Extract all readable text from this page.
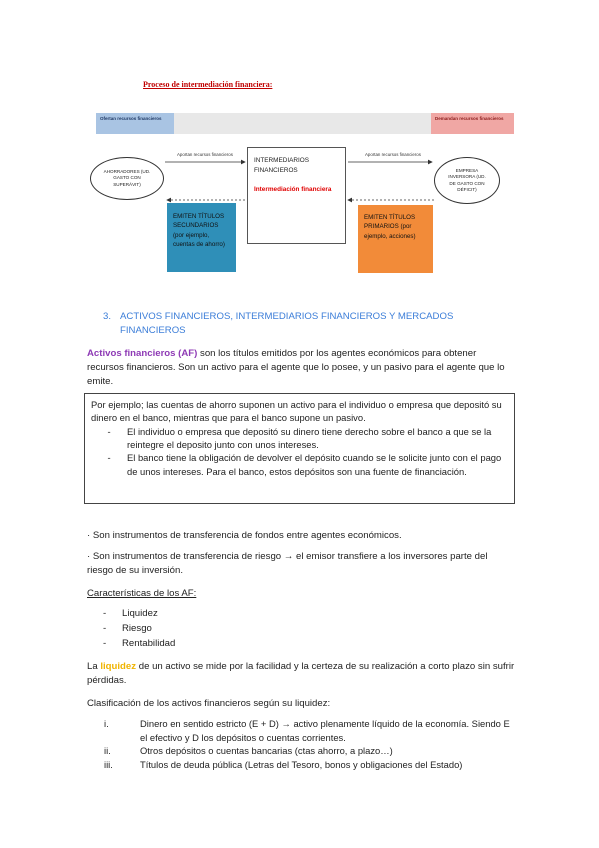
Proceso de intermediación financiera:
Ofertan recursos financieros	Demandan recursos financieros
AHORRADORES (UD. GASTO CON SUPERÁVIT)
EMPRESA INVERSORA (UD. DE GASTO CON DÉFICIT)
INTERMEDIARIOS
FINANCIEROS
Intermediación financiera
Aportan recursos financieros	Aportan recursos financieros
EMITEN TÍTULOS SECUNDARIOS (por ejemplo, cuentas de ahorro)
EMITEN TÍTULOS PRIMARIOS (por ejemplo, acciones)
3. ACTIVOS FINANCIEROS, INTERMEDIARIOS FINANCIEROS Y MERCADOS
FINANCIEROS
Activos financieros (AF) son los títulos emitidos por los agentes económicos para obtener recursos financieros. Son un activo para el agente que lo posee, y un pasivo para el agente que lo emite.
Por ejemplo; las cuentas de ahorro suponen un activo para el individuo o empresa que depositó su dinero en el banco, mientras que para el banco supone un pasivo.
-	El individuo o empresa que depositó su dinero tiene derecho sobre el banco a que se la reintegre el deposito junto con unos intereses.
-	El banco tiene la obligación de devolver el depósito cuando se le solicite junto con el pago de unos intereses. Para el banco, estos depósitos son una fuente de financiación.
· Son instrumentos de transferencia de fondos entre agentes económicos.
· Son instrumentos de transferencia de riesgo → el emisor transfiere a los inversores parte del riesgo de su inversión.
Características de los AF:
-	Liquidez
-	Riesgo
-	Rentabilidad
La liquidez de un activo se mide por la facilidad y la certeza de su realización a corto plazo sin sufrir pérdidas.
Clasificación de los activos financieros según su liquidez:
i.	Dinero en sentido estricto (E + D) → activo plenamente líquido de la economía. Siendo E el efectivo y D los depósitos o cuentas corrientes.
ii.	Otros depósitos o cuentas bancarias (ctas ahorro, a plazo…)
iii.	Títulos de deuda pública (Letras del Tesoro, bonos y obligaciones del Estado)
